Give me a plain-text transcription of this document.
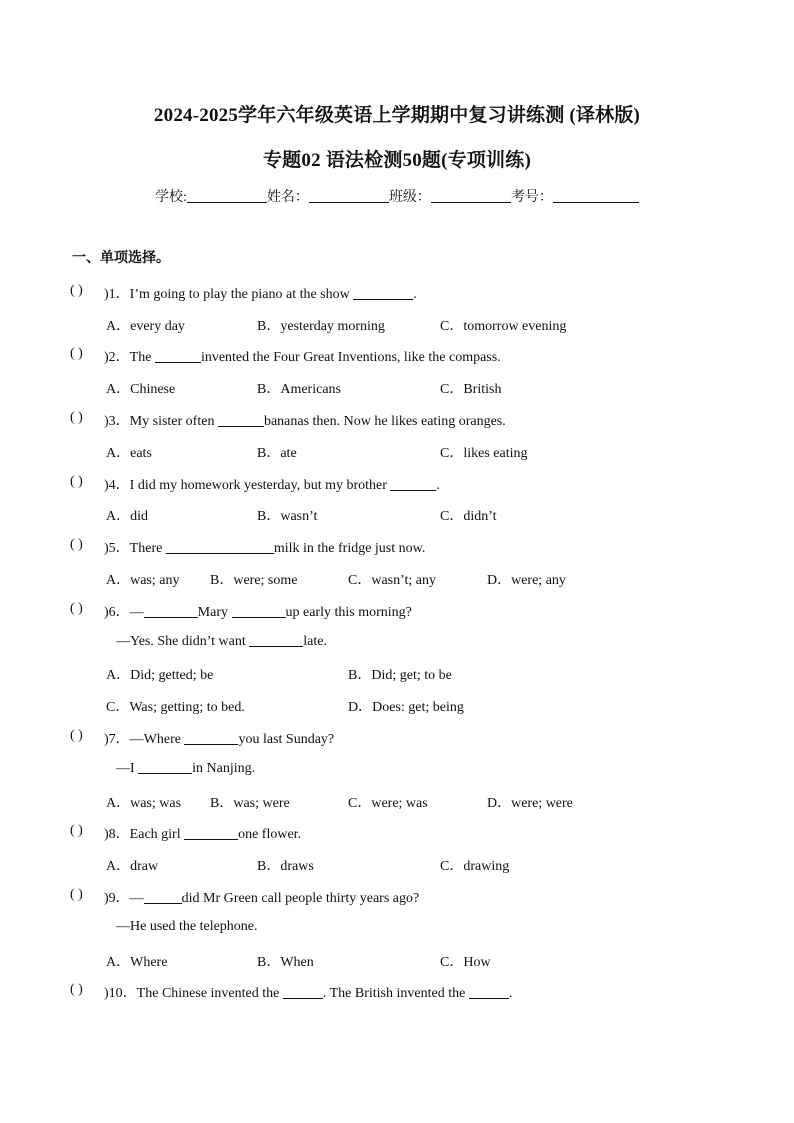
2024-2025学年六年级英语上学期期中复习讲练测 (译林版)
专题02 语法检测50题(专项训练)
学校:	姓名：	班级：	考号：
一、单项选择。
( ) )1．I’m going to play the piano at the show	.
A．every day	B．yesterday morning	C．tomorrow evening
( ) )2．The	invented the Four Great Inventions, like the compass.
A．Chinese	B．Americans	C．British
( ) )3．My sister often	bananas then. Now he likes eating oranges.
A．eats	B．ate	C．likes eating
( ) )4．I did my homework yesterday, but my brother	.
A．did	B．wasn’t	C．didn’t
( ) )5．There	milk in the fridge just now.
A．was; any B．were; some	C．wasn’t; any	D．were; any
( ) )6．—	Mary	up early this morning?
—Yes. She didn’t want	late.
A．Did; getted; be	B．Did; get; to be
C．Was; getting; to bed.	D．Does: get; being
( ) )7．—Where	you last Sunday?
—I	in Nanjing.
A．was; was B．was; were	C．were; was	D．were; were
( ) )8．Each girl	one flower.
A．draw	B．draws	C．drawing
( ) )9．—	did Mr Green call people thirty years ago?
—He used the telephone.
A．Where	B．When	C．How
( ) )10．The Chinese invented the	. The British invented the	.
